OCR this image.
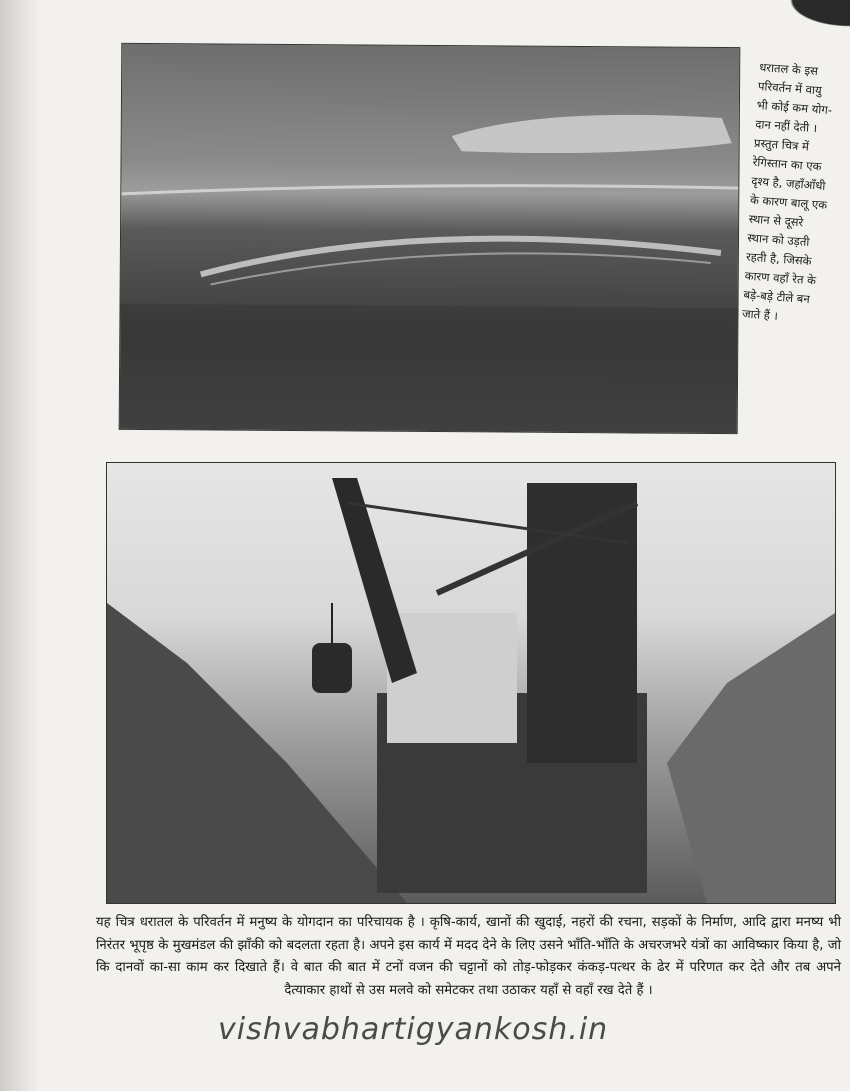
धरातल के इस
परिवर्तन में वायु
भी कोई कम योग-
दान नहीं देती ।
प्रस्तुत चित्र में
रेगिस्तान का एक
दृश्य है, जहाँआँधी
के कारण बालू एक
स्थान से दूसरे
स्थान को उड़ती
रहती है, जिसके
कारण वहाँ रेत के
बड़े-बड़े टीले बन
जाते हैं ।
यह चित्र धरातल के परिवर्तन में मनुष्य के योगदान का परिचायक है । कृषि-कार्य, खानों की खुदाई, नहरों की रचना, सड़कों के निर्माण, आदि द्वारा मनष्य भी निरंतर भूपृष्ठ के मुखमंडल की झाँकी को बदलता रहता है। अपने इस कार्य में मदद देने के लिए उसने भाँति-भाँति के अचरजभरे यंत्रों का आविष्कार किया है, जो कि दानवों का-सा काम कर दिखाते हैं। वे बात की बात में टनों वजन की चट्टानों को तोड़-फोड़कर कंकड़-पत्थर के ढेर में परिणत कर देते और तब अपने
दैत्याकार हाथों से उस मलवे को समेटकर तथा उठाकर यहाँ से वहाँ रख देते हैं ।
vishvabhartigyankosh.in
